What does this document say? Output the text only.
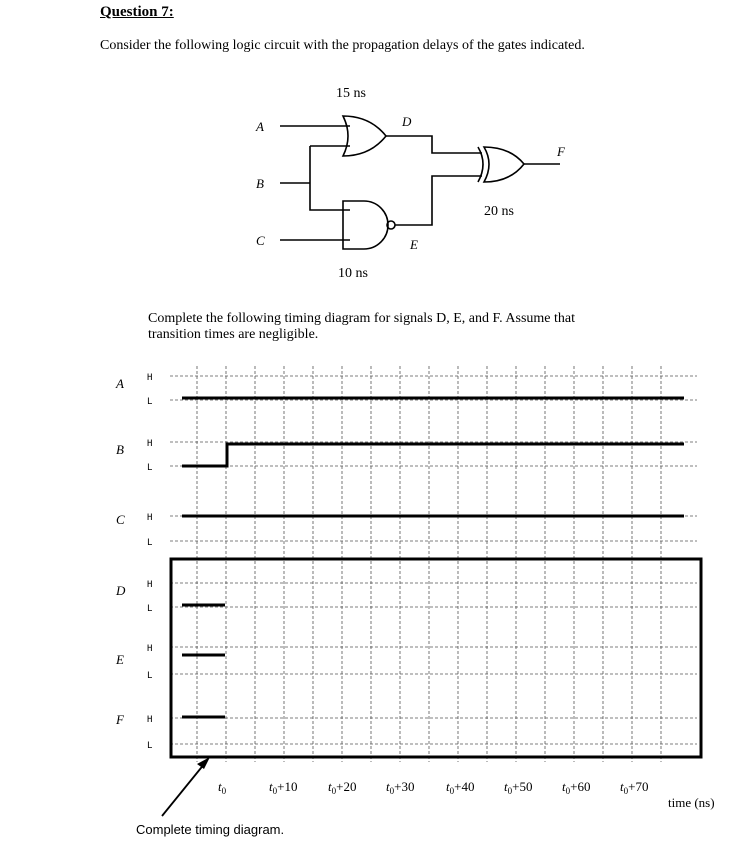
Question 7:
Consider the following logic circuit with the propagation delays of the gates indicated.
Complete the following timing diagram for signals D, E, and F. Assume that
transition times are negligible.
A
B
C
D
E
F
15 ns
10 ns
20 ns
A	H
L
B	H
L
C H
L
D H
L
E
H
L
F	H
L
$t_0$	$t_0+10$ $t_0+20$ $t_0+30$ $t_0+40$ $t_0+50$ $t_0+60$ $t_0+70$
time (ns)
Complete timing diagram.
